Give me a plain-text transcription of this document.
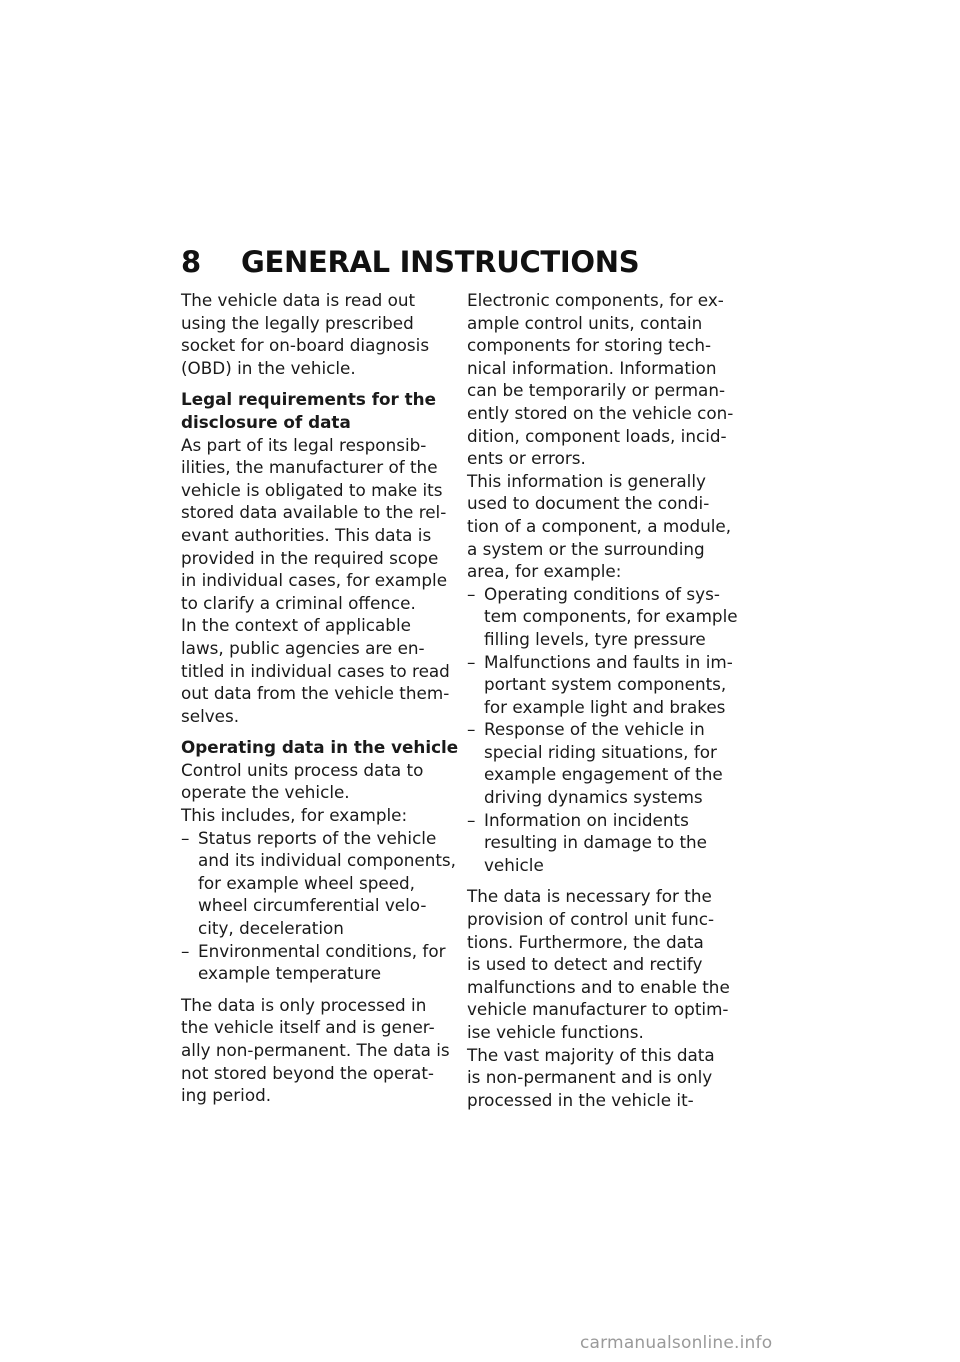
8 GENERAL INSTRUCTIONS
The vehicle data is read out
using the legally prescribed
socket for on-board diagnosis
(OBD) in the vehicle.
Legal requirements for the
disclosure of data
As part of its legal responsib-
ilities, the manufacturer of the
vehicle is obligated to make its
stored data available to the rel-
evant authorities. This data is
provided in the required scope
in individual cases, for example
to clarify a criminal offence.
In the context of applicable
laws, public agencies are en-
titled in individual cases to read
out data from the vehicle them-
selves.
Operating data in the vehicle
Control units process data to
operate the vehicle.
This includes, for example:
– Status reports of the vehicle
and its individual components,
for example wheel speed,
wheel circumferential velo-
city, deceleration
– Environmental conditions, for
example temperature
The data is only processed in
the vehicle itself and is gener-
ally non-permanent. The data is
not stored beyond the operat-
ing period.
Electronic components, for ex-
ample control units, contain
components for storing tech-
nical information. Information
can be temporarily or perman-
ently stored on the vehicle con-
dition, component loads, incid-
ents or errors.
This information is generally
used to document the condi-
tion of a component, a module,
a system or the surrounding
area, for example:
– Operating conditions of sys-
tem components, for example
filling levels, tyre pressure
– Malfunctions and faults in im-
portant system components,
for example light and brakes
– Response of the vehicle in
special riding situations, for
example engagement of the
driving dynamics systems
– Information on incidents
resulting in damage to the
vehicle
The data is necessary for the
provision of control unit func-
tions. Furthermore, the data
is used to detect and rectify
malfunctions and to enable the
vehicle manufacturer to optim-
ise vehicle functions.
The vast majority of this data
is non-permanent and is only
processed in the vehicle it-
carmanualsonline.info
